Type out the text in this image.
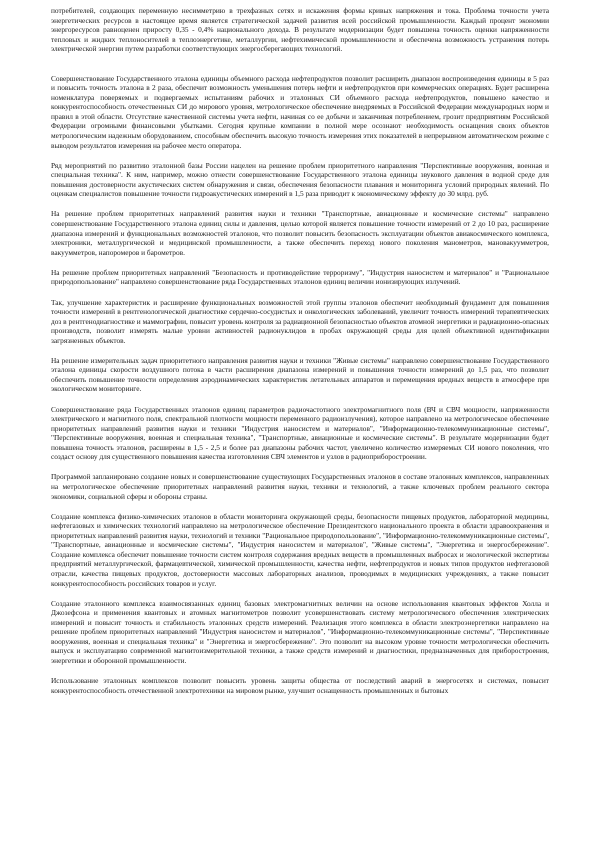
потребителей, создающих переменную несимметрию в трехфазных сетях и искажения формы кривых напряжения и тока. Проблема точности учета энергетических ресурсов в настоящее время является стратегической задачей развития всей российской промышленности. Каждый процент экономии энергоресурсов равноценен приросту 0,35 - 0,4% национального дохода. В результате модернизации будет повышена точность оценки напряженности тепловых и жидких теплоносителей в теплоэнергетике, металлургии, нефтехимической промышленности и обеспечена возможность устранения потерь электрической энергии путем разработки соответствующих энергосберегающих технологий.

Совершенствование Государственного эталона единицы объемного расхода нефтепродуктов позволит расширить диапазон воспроизведения единицы в 5 раз и повысить точность эталона в 2 раза, обеспечит возможность уменьшения потерь нефти и нефтепродуктов при коммерческих операциях. Будет расширена номенклатура поверяемых и подвергаемых испытаниям рабочих и эталонных СИ объемного расхода нефтепродуктов, повышено качество и конкурентоспособность отечественных СИ до мирового уровня, метрологическое обеспечение внедряемых в Российской Федерации международных норм и правил в этой области. Отсутствие качественной системы учета нефти, начиная со ее добычи и заканчивая потреблением, грозит предприятиям Российской Федерации огромными финансовыми убытками. Сегодня крупные компании в полной мере осознают необходимость оснащения своих объектов метрологическим надежным оборудованием, способным обеспечить высокую точность измерения этих показателей в непрерывном автоматическом режиме с выводом результатов измерения на рабочее место оператора.

Ряд мероприятий по развитию эталонной базы России нацелен на решение проблем приоритетного направления "Перспективные вооружения, военная и специальная техника". К ним, например, можно отнести совершенствование Государственного эталона единицы звукового давления в водной среде для повышения достоверности акустических систем обнаружения и связи, обеспечения безопасности плавания и мониторинга условий природных явлений. По оценкам специалистов повышение точности гидроакустических измерений в 1,5 раза приводит к экономическому эффекту до 30 млрд. руб.

На решение проблем приоритетных направлений развития науки и техники "Транспортные, авиационные и космические системы" направлено совершенствование Государственного эталона единиц силы и давления, целью которой является повышение точности измерений от 2 до 10 раз, расширение диапазона измерений и функциональных возможностей эталонов, что позволит повысить безопасность эксплуатации объектов авиакосмического комплекса, электроники, металлургической и медицинской промышленности, а также обеспечить переход нового поколения манометров, мановакуумметров, вакуумметров, напоромеров и барометров.

На решение проблем приоритетных направлений "Безопасность и противодействие терроризму", "Индустрия наносистем и материалов" и "Рациональное природопользование" направлено совершенствование ряда Государственных эталонов единиц величин ионизирующих излучений.

Так, улучшение характеристик и расширение функциональных возможностей этой группы эталонов обеспечит необходимый фундамент для повышения точности измерений в рентгенологической диагностике сердечно-сосудистых и онкологических заболеваний, увеличит точность измерений терапевтических доз в рентгенодиагностике и маммографии, повысит уровень контроля за радиационной безопасностью объектов атомной энергетики и радиационно-опасных производств, позволит измерять малые уровни активностей радионуклидов в пробах окружающей среды для целей объективной идентификации загрязненных объектов.

На решение измерительных задач приоритетного направления развития науки и техники "Живые системы" направлено совершенствование Государственного эталона единицы скорости воздушного потока в части расширения диапазона измерений и повышения точности измерений до 1,5 раз, что позволит обеспечить повышение точности определения аэродинамических характеристик летательных аппаратов и перемещения вредных веществ в атмосфере при экологическом мониторинге.

Совершенствование ряда Государственных эталонов единиц параметров радиочастотного электромагнитного поля (ВЧ и СВЧ мощности, напряженности электрического и магнитного поля, спектральной плотности мощности переменного радиоизлучения), которое направлено на метрологическое обеспечение приоритетных направлений развития науки и техники "Индустрия наносистем и материалов", "Информационно-телекоммуникационные системы", "Перспективные вооружения, военная и специальная техника", "Транспортные, авиационные и космические системы". В результате модернизации будет повышена точность эталонов, расширены в 1,5 - 2,5 и более раз диапазоны рабочих частот, увеличено количество измеряемых СИ нового поколения, что создаст основу для существенного повышения качества изготовления СВЧ элементов и узлов в радиоприборостроении.

Программой запланировано создание новых и совершенствование существующих Государственных эталонов в составе эталонных комплексов, направленных на метрологическое обеспечение приоритетных направлений развития науки, техники и технологий, а также ключевых проблем реального сектора экономики, социальной сферы и обороны страны.

Создание комплекса физико-химических эталонов в области мониторинга окружающей среды, безопасности пищевых продуктов, лабораторной медицины, нефтегазовых и химических технологий направлено на метрологическое обеспечение Президентского национального проекта в области здравоохранения и приоритетных направлений развития науки, технологий и техники "Рациональное природопользование", "Информационно-телекоммуникационные системы", "Транспортные, авиационные и космические системы", "Индустрия наносистем и материалов", "Живые системы", "Энергетика и энергосбережение". Создание комплекса обеспечит повышение точности систем контроля содержания вредных веществ в промышленных выбросах и экологической экспертизы предприятий металлургической, фармацевтической, химической промышленности, качества нефти, нефтепродуктов и новых типов продуктов нефтегазовой отрасли, качества пищевых продуктов, достоверности массовых лабораторных анализов, проводимых в медицинских учреждениях, а также повысит конкурентоспособность российских товаров и услуг.

Создание эталонного комплекса взаимосвязанных единиц базовых электромагнитных величин на основе использования квантовых эффектов Холла и Джозефсона и применения квантовых и атомных магнитометров позволит усовершенствовать систему метрологического обеспечения электрических измерений и повысит точность и стабильность эталонных средств измерений. Реализация этого комплекса в области электроэнергетики направлено на решение проблем приоритетных направлений "Индустрия наносистем и материалов", "Информационно-телекоммуникационные системы", "Перспективные вооружения, военная и специальная техника" и "Энергетика и энергосбережение". Это позволит на высоком уровне точности метрологически обеспечить выпуск и эксплуатацию современной магнитоизмерительной техники, а также средств измерений и диагностики, предназначенных для приборостроения, энергетики и оборонной промышленности.

Использование эталонных комплексов позволит повысить уровень защиты общества от последствий аварий в энергосетях и системах, повысит конкурентоспособность отечественной электротехники на мировом рынке, улучшит оснащенность промышленных и бытовых
